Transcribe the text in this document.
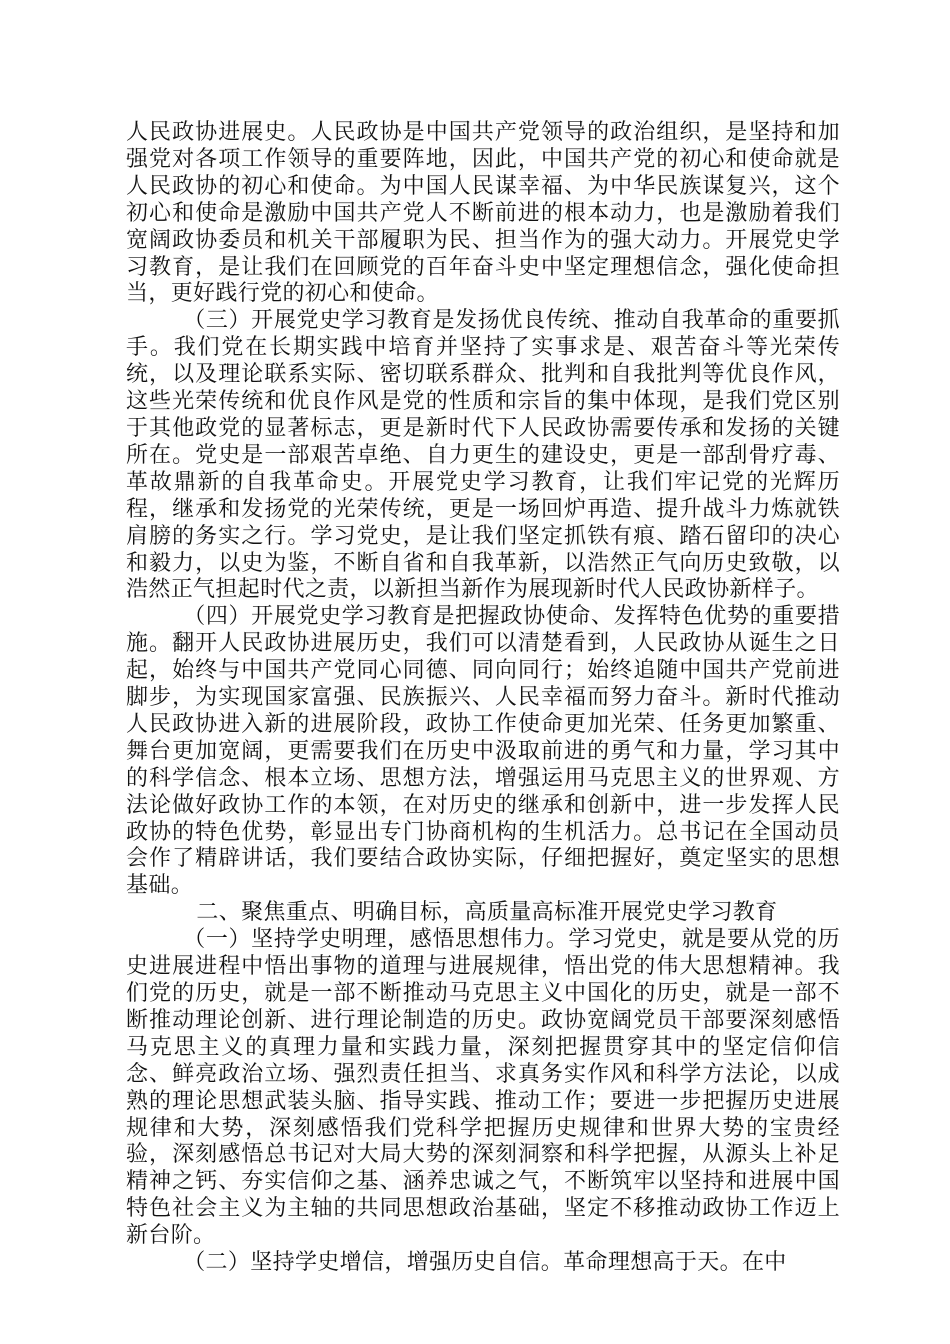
人民政协进展史。人民政协是中国共产党领导的政治组织，是坚持和加强党对各项工作领导的重要阵地，因此，中国共产党的初心和使命就是人民政协的初心和使命。为中国人民谋幸福、为中华民族谋复兴，这个初心和使命是激励中国共产党人不断前进的根本动力，也是激励着我们宽阔政协委员和机关干部履职为民、担当作为的强大动力。开展党史学习教育，是让我们在回顾党的百年奋斗史中坚定理想信念，强化使命担当，更好践行党的初心和使命。

（三）开展党史学习教育是发扬优良传统、推动自我革命的重要抓手。我们党在长期实践中培育并坚持了实事求是、艰苦奋斗等光荣传统，以及理论联系实际、密切联系群众、批判和自我批判等优良作风，这些光荣传统和优良作风是党的性质和宗旨的集中体现，是我们党区别于其他政党的显著标志，更是新时代下人民政协需要传承和发扬的关键所在。党史是一部艰苦卓绝、自力更生的建设史，更是一部刮骨疗毒、革故鼎新的自我革命史。开展党史学习教育，让我们牢记党的光辉历程，继承和发扬党的光荣传统，更是一场回炉再造、提升战斗力炼就铁肩膀的务实之行。学习党史，是让我们坚定抓铁有痕、踏石留印的决心和毅力，以史为鉴，不断自省和自我革新，以浩然正气向历史致敬，以浩然正气担起时代之责，以新担当新作为展现新时代人民政协新样子。

（四）开展党史学习教育是把握政协使命、发挥特色优势的重要措施。翻开人民政协进展历史，我们可以清楚看到，人民政协从诞生之日起，始终与中国共产党同心同德、同向同行；始终追随中国共产党前进脚步，为实现国家富强、民族振兴、人民幸福而努力奋斗。新时代推动人民政协进入新的进展阶段，政协工作使命更加光荣、任务更加繁重、舞台更加宽阔，更需要我们在历史中汲取前进的勇气和力量，学习其中的科学信念、根本立场、思想方法，增强运用马克思主义的世界观、方法论做好政协工作的本领，在对历史的继承和创新中，进一步发挥人民政协的特色优势，彰显出专门协商机构的生机活力。总书记在全国动员会作了精辟讲话，我们要结合政协实际，仔细把握好，奠定坚实的思想基础。

二、聚焦重点、明确目标，高质量高标准开展党史学习教育

（一）坚持学史明理，感悟思想伟力。学习党史，就是要从党的历史进展进程中悟出事物的道理与进展规律，悟出党的伟大思想精神。我们党的历史，就是一部不断推动马克思主义中国化的历史，就是一部不断推动理论创新、进行理论制造的历史。政协宽阔党员干部要深刻感悟马克思主义的真理力量和实践力量，深刻把握贯穿其中的坚定信仰信念、鲜亮政治立场、强烈责任担当、求真务实作风和科学方法论，以成熟的理论思想武装头脑、指导实践、推动工作；要进一步把握历史进展规律和大势，深刻感悟我们党科学把握历史规律和世界大势的宝贵经验，深刻感悟总书记对大局大势的深刻洞察和科学把握，从源头上补足精神之钙、夯实信仰之基、涵养忠诚之气，不断筑牢以坚持和进展中国特色社会主义为主轴的共同思想政治基础，坚定不移推动政协工作迈上新台阶。

（二）坚持学史增信，增强历史自信。革命理想高于天。在中
